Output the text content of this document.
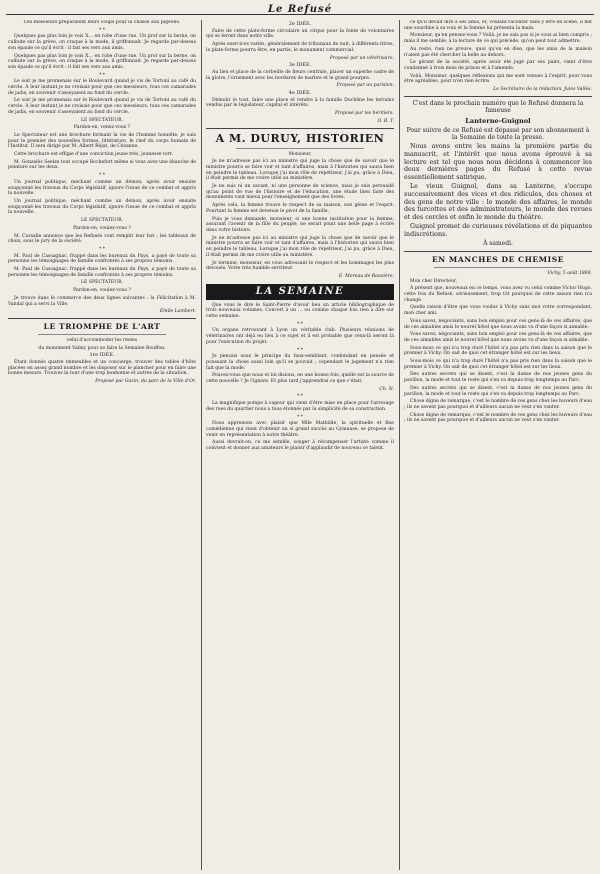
Le Refusé

Ces messieurs préparaient leurs coups pour la chasse aux pigeons.

* *

Quelques pas plus loin je vois X… en robe d'une rue. Un prof sur la berne, on culbute sur la grève, on craque à la mode, il griffonnait. Je regarde par-dessus son épaule ce qu'il écrit : il fait ses vers aux amis.

Quelques pas plus loin je vois X… en robe d'une rue. Un prof sur la berne, on culbute sur la grève, on craque à la mode, il griffonnait. Je regarde par-dessus son épaule ce qu'il écrit : il fait ses vers aux amis.

* *

Le soir je me promenais sur le Boulevard quand je vis de Tortoni au café du cercle. À leur instant je ne croisais pour que ces messieurs, tous ces camarades de jadis, en souvenir s'asseyaient au fond du cercle.

Le soir je me promenais sur le Boulevard quand je vis de Tortoni au café du cercle. À leur instant je ne croisais pour que ces messieurs, tous ces camarades de jadis, en souvenir s'asseyaient au fond du cercle.

LE SPECTATEUR.

Pardon-en, venez-vous ?

Le Spectateur est une brochure formant la vie de l'homme honnête, je suis pour le premier des nouvelles formes, littérature, le chef du corps humain de l'Institut. Il sera dirigé par M. Albert Réjat, de Cézanne.

Cette brochure est effigie d'une conviction jeune très, jeunesse tort.

M. Gonzalès Seelze tout occupé Rochefort même si vous avez une ébauche de peinture sur les deux.

* *

Un journal politique, méchant comme un démon, après avoir ensuite soupçonné les travaux du Corps législatif, ignore l'issue de ce combat et appris la nouvelle.

Un journal politique, méchant comme un démon, après avoir ensuite soupçonné les travaux du Corps législatif, ignore l'issue de ce combat et appris la nouvelle.

LE SPECTATEUR.

Pardon-en, voulez-vous ?

M. Corsalle annonce que les Refusés vont remplir leur but ; les tableaux de choix, sous le jury de la société.

* *

M. Paul de Cassagnac, frappé dans les bureaux du Pays, a payé de toute sa personne les témoignages de famille confrontés à ses propres témoins.

M. Paul de Cassagnac, frappé dans les bureaux du Pays, a payé de toute sa personne les témoignages de famille confrontés à ses propres témoins.

LE SPECTATEUR.

Pardon-en, voulez-vous ?

Je trouve dans le commerce des deux lignes suivantes : la Félicitation à M. Vandal qui a servi la Ville.

Émile Lambert.

LE TRIOMPHE DE L'ART

celui d'accommoder les restes

du monument Valmy pour se faire la Semaine Bouffon.

1re IDÉE.

Étant donnés quatre immeubles et un concierge, trouver des tables d'hôte placées en assez grand nombre et les disposer sur le plancher pour en faire une bonne mesure. Trouvez la tour d'une trop bonhomie et autres de la situation.

Proposé par Gazin, du parc de la Ville d'Or.

2e IDÉE.

Faire de cette plate-forme circulaire un cirque pour la fonte de volontaires qui se feront dans notre ville.

Après exercices variés, généralement de tribunaux de nuit, à différents titres, la plate-forme pourra être, en partie, le monument commercial.

Proposé par un vétérinaire.

3e IDÉE.

Au lieu et place de la corbeille de fleurs centrale, placer un superbe cadre de la gloire, l'ornement avec les bordures de marbre et le grand pourpre.

Proposé par un parisien.

4e IDÉE.

Démolir le tout, faire une place et rendre à la famille Duchêne les terrains vendus par le législateur, capital et intérêts.

Proposé par les héritiers.

O. B. T.

A M. DURUY, HISTORIEN

Monsieur,

Je ne m'adresse pas ici au ministre qui juge la chose que de savoir que le ministre pourra se faire voir et tant d'affaires, mais à l'historien qui saura bien en peindre le tableau. Lorsque j'ai mon rôle de répétiteur, j'ai pu, grâce à Dieu, il était permis de me croire utile au ministère.

Je ne suis ni un savant, ni une personne de science, mais je suis persuadé qu'au point de vue de l'histoire et de l'éducation, une étude bien faite des monuments vaut mieux pour l'enseignement que des livres.

Après cela, la femme trouve le respect de sa maison, son génie et l'esprit. Pourtant la femme est devenue le pivot de la famille.

Puis je vous demande, monsieur, si une bonne institution pour la femme, assurant l'avenir de la fille du peuple, ne serait point une belle page à écrire dans votre histoire.

Je ne m'adresse pas ici au ministre qui juge la chose que de savoir que le ministre pourra se faire voir et tant d'affaires, mais à l'historien qui saura bien en peindre le tableau. Lorsque j'ai mon rôle de répétiteur, j'ai pu, grâce à Dieu, il était permis de me croire utile au ministère.

Je termine, monsieur, en vous adressant le respect et les hommages les plus dévoués. Votre très humble serviteur.

E. Moreau de Bauvière.

LA SEMAINE

Que vous le dire le Saint-Pierre d'avoir lieu un article bibliographique de trois nouveaux volumes. Concert à un … ou comme chaque fois rien à dire sur cette semaine.

* *

Un organe retrouvant à Lyon un véritable club. Plusieurs réunions de vétérinaires ont déjà eu lieu à ce sujet et il est probable que ceux-là seront là pour l'exécution du projet.

* *

Je pensais sous le principe du faux-semblant, confondant en pensée et poussant la chose aussi loin qu'il se pouvait ; cependant le jugement n'a rien fait que la mode.

Pouvez-vous que nous et lui disions, en une bonne fois, quelle est la source de cette nouvelle ? Je l'ignore. Et plus tard j'apprendrai ce que c'était.

Ch. N.

* *

La magnifique pompe à vapeur qui vient d'être mise en place pour l'arrosage des rues du quartier nous a tous étonnés par la simplicité de sa construction.

* *

Nous apprenons avec plaisir que Mlle Mathilde, la spirituelle et fine comédienne qui vient d'obtenir un si grand succès au Gymnase, se propose de venir en représentation à notre théâtre.

Aussi devrait-on, ce me semble, songer à récompenser l'artiste comme il convient et donner aux amateurs le plaisir d'applaudir de nouveau ce talent.

ce qu'il devait dire à ses amis, et, voulant raconter sans y être en scène, il mit une sourdine à sa voix et la femme lui présenta la main.

Monsieur, qu'en pensez-vous ? Voilà, je ne sais pas si je vous ai bien compris ; mais il me semble, à la lecture de ce qui précède, qu'on peut tout admettre.

Au reste, rien ne prouve, quoi qu'on en dise, que les amis de la maison n'aient pas été chercher la belle au dehors.

Le gérant de la société, après avoir été jugé par ses pairs, vient d'être condamné à trois mois de prison et à l'amende.

Voilà, Monsieur, quelques réflexions qui me sont venues à l'esprit, pour vous être agréables, pour n'en rien écrire.

Le Secrétaire de la rédaction, Jules Vallès.

C'est dans le prochain numéro que le Refusé donnera la fameuse

Lanterne-Guignol

Pour suivre de ce Refusé est dépassé par son abonnement à la Semaine de toute la presse.

Nous avons entre les mains la première partie du manuscrit, et l'intérêt que nous avons éprouvé à sa lecture est tel que nous nous décidons à commencer les deux dernières pages du Refusé à cette revue essentiellement satirique.

Le vieux Guignol, dans sa Lanterne, s'occupe successivement des vices et des ridicules, des choses et des gens de notre ville : le monde des affaires, le monde des turcottes et des administrateurs, le monde des revues et des cercles et enfin le monde du théâtre.

Guignol promet de curieuses révélations et de piquantes indiscrétions.

À samedi.

EN MANCHES DE CHEMISE

Vichy, 5 août 1868.

Mon cher Directeur,

À présent que, nouveaux en ce temps, vous avez vu celui comme Victor Hugo, cette fois du Refusé, sérieusement, trop tôt pourquoi de cette saison rien n'a changé.

Quelle raison d'être que vous voulez à Vichy sans moi votre correspondant, mon cher ami.

Vous savez, négociants, sans bon emploi pour ces gens-là de ces affaires, que de ces aimables amis le nouvel hôtel que nous avons vu d'une façon si aimable.

Vous savez, négociants, sans bon emploi pour ces gens-là de ces affaires, que de ces aimables amis le nouvel hôtel que nous avons vu d'une façon si aimable.

Sous-mois ce qui n'a trop duré l'hôtel n'a pas pris rien dans la saison que le premier à Vichy. On sait de quoi cet étranger hôtel est sur les lieux.

Sous-mois ce qui n'a trop duré l'hôtel n'a pas pris rien dans la saison que le premier à Vichy. On sait de quoi cet étranger hôtel est sur les lieux.

Des autres secrets qui se disent, c'est la danse de nos jeunes gens du pavillon, la mode et tout le reste qui s'en va depuis trop longtemps au Parc.

Des autres secrets qui se disent, c'est la danse de nos jeunes gens du pavillon, la mode et tout le reste qui s'en va depuis trop longtemps au Parc.

Chose digne de remarque, c'est le nombre de ces gens chez les buveurs d'eau ; ils ne savent pas pourquoi et d'ailleurs aucun ne veut s'en vanter.

Chose digne de remarque, c'est le nombre de ces gens chez les buveurs d'eau ; ils ne savent pas pourquoi et d'ailleurs aucun ne veut s'en vanter.
